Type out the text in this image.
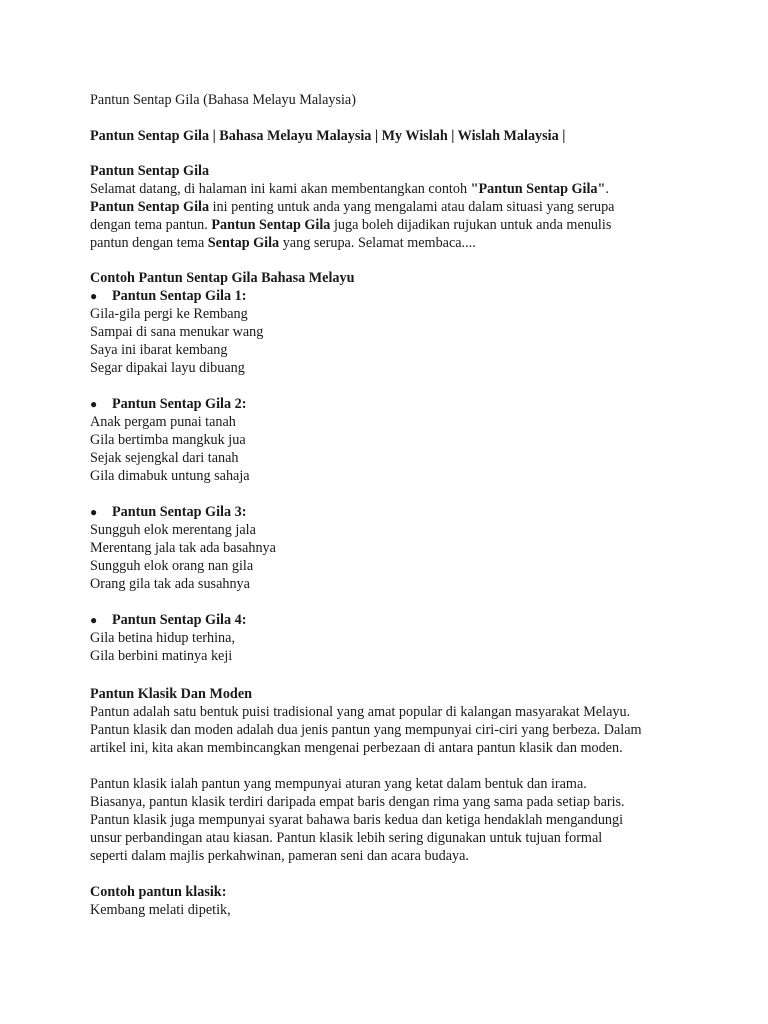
Pantun Sentap Gila (Bahasa Melayu Malaysia)

Pantun Sentap Gila | Bahasa Melayu Malaysia | My Wislah | Wislah Malaysia |

Pantun Sentap Gila

Selamat datang, di halaman ini kami akan membentangkan contoh "Pantun Sentap Gila".

Pantun Sentap Gila ini penting untuk anda yang mengalami atau dalam situasi yang serupa

dengan tema pantun. Pantun Sentap Gila juga boleh dijadikan rujukan untuk anda menulis

pantun dengan tema Sentap Gila yang serupa. Selamat membaca....

Contoh Pantun Sentap Gila Bahasa Melayu

●	Pantun Sentap Gila 1:

Gila-gila pergi ke Rembang

Sampai di sana menukar wang

Saya ini ibarat kembang

Segar dipakai layu dibuang

●	Pantun Sentap Gila 2:

Anak pergam punai tanah

Gila bertimba mangkuk jua

Sejak sejengkal dari tanah

Gila dimabuk untung sahaja

●	Pantun Sentap Gila 3:

Sungguh elok merentang jala

Merentang jala tak ada basahnya

Sungguh elok orang nan gila

Orang gila tak ada susahnya

●	Pantun Sentap Gila 4:

Gila betina hidup terhina,

Gila berbini matinya keji

Pantun Klasik Dan Moden

Pantun adalah satu bentuk puisi tradisional yang amat popular di kalangan masyarakat Melayu.

Pantun klasik dan moden adalah dua jenis pantun yang mempunyai ciri-ciri yang berbeza. Dalam

artikel ini, kita akan membincangkan mengenai perbezaan di antara pantun klasik dan moden.

Pantun klasik ialah pantun yang mempunyai aturan yang ketat dalam bentuk dan irama.

Biasanya, pantun klasik terdiri daripada empat baris dengan rima yang sama pada setiap baris.

Pantun klasik juga mempunyai syarat bahawa baris kedua dan ketiga hendaklah mengandungi

unsur perbandingan atau kiasan. Pantun klasik lebih sering digunakan untuk tujuan formal

seperti dalam majlis perkahwinan, pameran seni dan acara budaya.

Contoh pantun klasik:

Kembang melati dipetik,
